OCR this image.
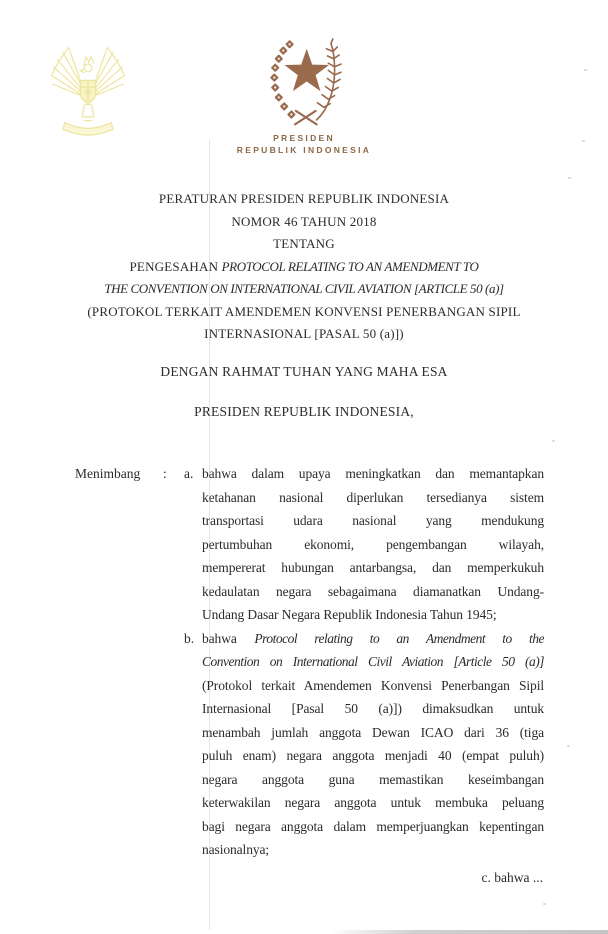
PRESIDEN
REPUBLIK INDONESIA
PERATURAN PRESIDEN REPUBLIK INDONESIA
NOMOR 46 TAHUN 2018
TENTANG
PENGESAHAN PROTOCOL RELATING TO AN AMENDMENT TO
THE CONVENTION ON INTERNATIONAL CIVIL AVIATION [ARTICLE 50 (a)]
(PROTOKOL TERKAIT AMENDEMEN KONVENSI PENERBANGAN SIPIL
INTERNASIONAL [PASAL 50 (a)])
DENGAN RAHMAT TUHAN YANG MAHA ESA
PRESIDEN REPUBLIK INDONESIA,
Menimbang	:	a. bahwa dalam upaya meningkatkan dan memantapkan
ketahanan nasional diperlukan tersedianya sistem
transportasi udara nasional yang mendukung
pertumbuhan ekonomi, pengembangan wilayah,
mempererat hubungan antarbangsa, dan memperkukuh
kedaulatan negara sebagaimana diamanatkan Undang-
Undang Dasar Negara Republik Indonesia Tahun 1945;
b. bahwa Protocol relating to an Amendment to the
Convention on International Civil Aviation [Article 50 (a)]
(Protokol terkait Amendemen Konvensi Penerbangan Sipil
Internasional [Pasal 50 (a)]) dimaksudkan untuk
menambah jumlah anggota Dewan ICAO dari 36 (tiga
puluh enam) negara anggota menjadi 40 (empat puluh)
negara anggota guna memastikan keseimbangan
keterwakilan negara anggota untuk membuka peluang
bagi negara anggota dalam memperjuangkan kepentingan
nasionalnya;
c. bahwa ...
